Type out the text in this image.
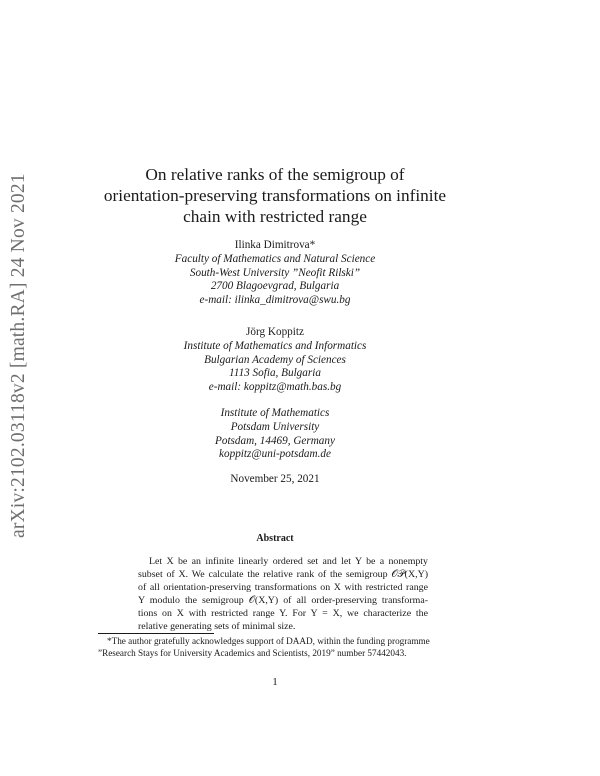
arXiv:2102.03118v2 [math.RA] 24 Nov 2021	On relative ranks of the semigroup of
orientation-preserving transformations on infinite
chain with restricted range
Ilinka Dimitrova*
Faculty of Mathematics and Natural Science
South-West University ”Neofit Rilski”
2700 Blagoevgrad, Bulgaria
e-mail: ilinka_dimitrova@swu.bg
Jörg Koppitz
Institute of Mathematics and Informatics
Bulgarian Academy of Sciences
1113 Sofia, Bulgaria
e-mail: koppitz@math.bas.bg
Institute of Mathematics
Potsdam University
Potsdam, 14469, Germany
koppitz@uni-potsdam.de
November 25, 2021
Abstract
Let X be an infinite linearly ordered set and let Y be a nonempty
subset of X. We calculate the relative rank of the semigroup 𝒪𝒫(X,Y)
of all orientation-preserving transformations on X with restricted range
Y modulo the semigroup 𝒪(X,Y) of all order-preserving transforma-
tions on X with restricted range Y. For Y = X, we characterize the
relative generating sets of minimal size.
*The author gratefully acknowledges support of DAAD, within the funding programme
”Research Stays for University Academics and Scientists, 2019” number 57442043.
1
